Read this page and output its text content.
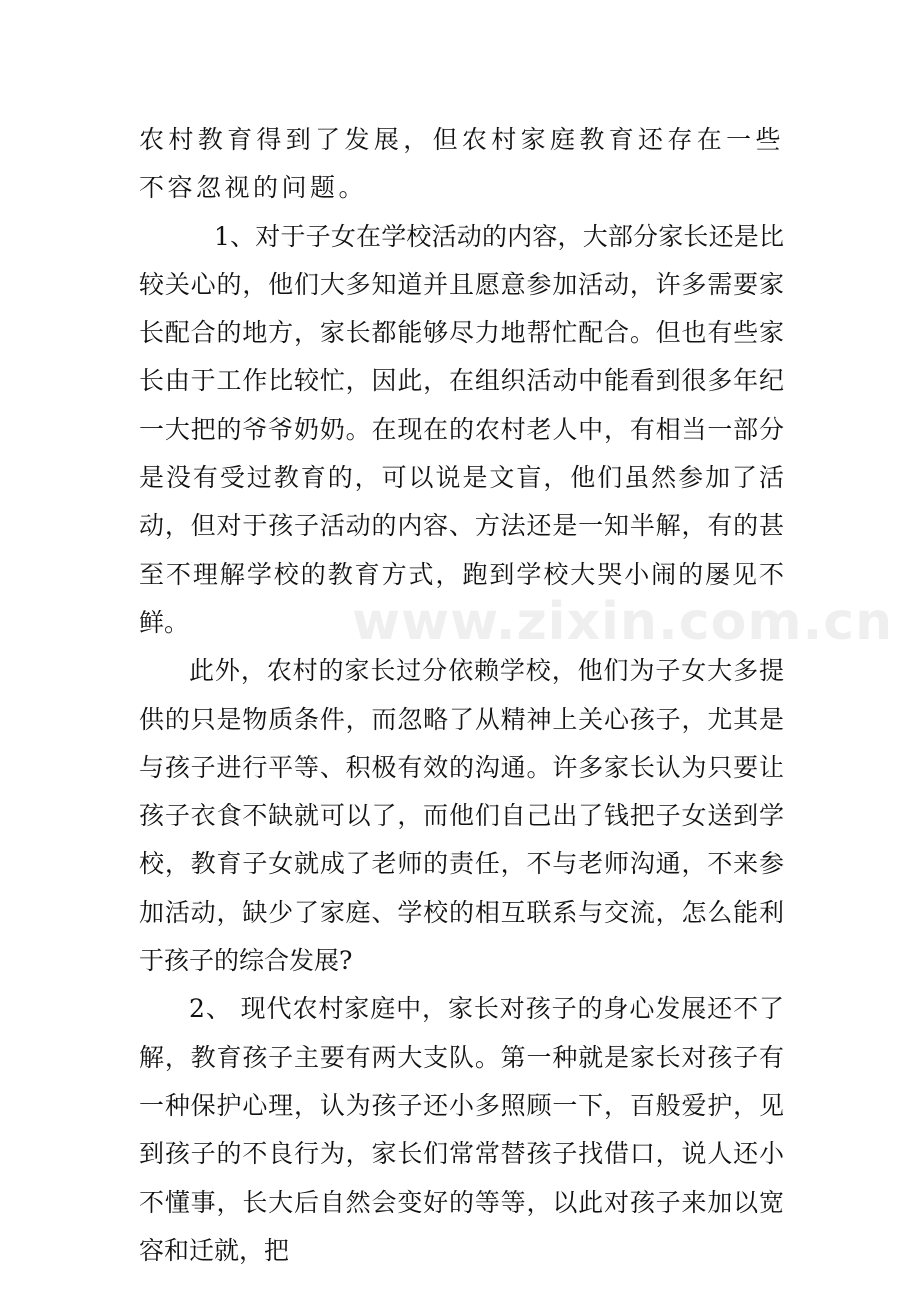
www.zixin.com.cn

农村教育得到了发展，但农村家庭教育还存在一些不容忽视的问题。

1、对于子女在学校活动的内容，大部分家长还是比较关心的，他们大多知道并且愿意参加活动，许多需要家长配合的地方，家长都能够尽力地帮忙配合。但也有些家长由于工作比较忙，因此，在组织活动中能看到很多年纪一大把的爷爷奶奶。在现在的农村老人中，有相当一部分是没有受过教育的，可以说是文盲，他们虽然参加了活动，但对于孩子活动的内容、方法还是一知半解，有的甚至不理解学校的教育方式，跑到学校大哭小闹的屡见不鲜。

此外，农村的家长过分依赖学校，他们为子女大多提供的只是物质条件，而忽略了从精神上关心孩子，尤其是与孩子进行平等、积极有效的沟通。许多家长认为只要让孩子衣食不缺就可以了，而他们自己出了钱把子女送到学校，教育子女就成了老师的责任，不与老师沟通，不来参加活动，缺少了家庭、学校的相互联系与交流，怎么能利于孩子的综合发展?

2、 现代农村家庭中，家长对孩子的身心发展还不了解，教育孩子主要有两大支队。第一种就是家长对孩子有一种保护心理，认为孩子还小多照顾一下，百般爱护，见到孩子的不良行为，家长们常常替孩子找借口，说人还小不懂事，长大后自然会变好的等等，以此对孩子来加以宽容和迁就，把
